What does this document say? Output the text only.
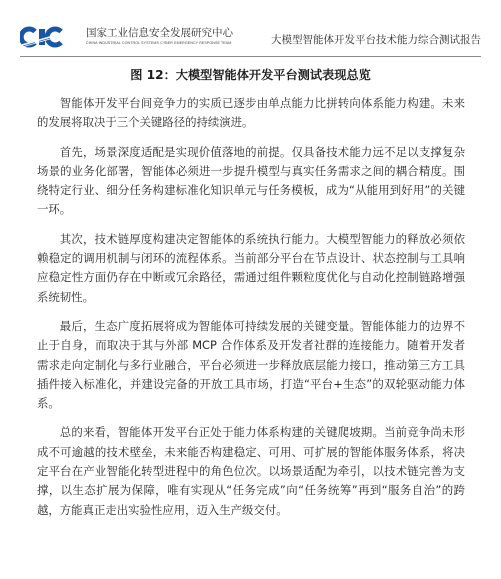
国家工业信息安全发展研究中心
CHINA INDUSTRIAL CONTROL SYSTEMS CYBER EMERGENCY RESPONSE TEAM	大模型智能体开发平台技术能力综合测试报告
图 12：大模型智能体开发平台测试表现总览

智能体开发平台间竞争力的实质已逐步由单点能力比拼转向体系能力构建。未来的发展将取决于三个关键路径的持续演进。

首先，场景深度适配是实现价值落地的前提。仅具备技术能力远不足以支撑复杂场景的业务化部署，智能体必须进一步提升模型与真实任务需求之间的耦合精度。围绕特定行业、细分任务构建标准化知识单元与任务模板，成为“从能用到好用”的关键一环。

其次，技术链厚度构建决定智能体的系统执行能力。大模型智能力的释放必须依赖稳定的调用机制与闭环的流程体系。当前部分平台在节点设计、状态控制与工具响应稳定性方面仍存在中断或冗余路径，需通过组件颗粒度优化与自动化控制链路增强系统韧性。

最后，生态广度拓展将成为智能体可持续发展的关键变量。智能体能力的边界不止于自身，而取决于其与外部 MCP 合作体系及开发者社群的连接能力。随着开发者需求走向定制化与多行业融合，平台必须进一步释放底层能力接口，推动第三方工具插件接入标准化，并建设完备的开放工具市场，打造“平台+生态”的双轮驱动能力体系。

总的来看，智能体开发平台正处于能力体系构建的关键爬坡期。当前竞争尚未形成不可逾越的技术壁垒，未来能否构建稳定、可用、可扩展的智能体服务体系，将决定平台在产业智能化转型进程中的角色位次。以场景适配为牵引，以技术链完善为支撑，以生态扩展为保障，唯有实现从“任务完成”向“任务统筹”再到“服务自治”的跨越，方能真正走出实验性应用，迈入生产级交付。
